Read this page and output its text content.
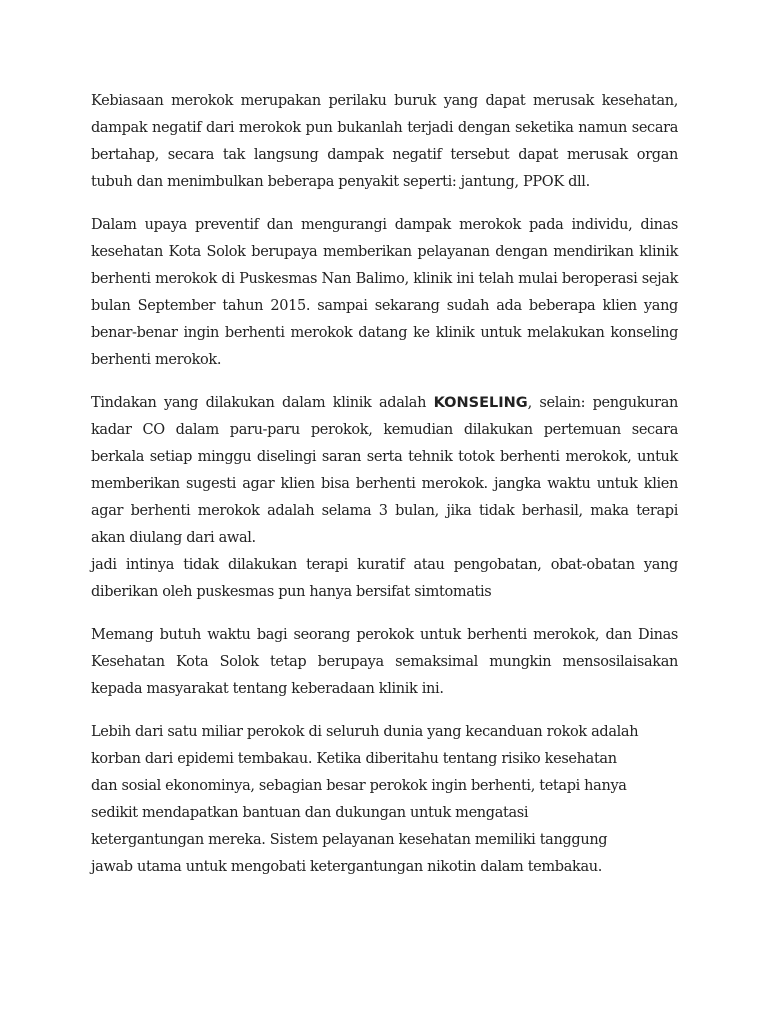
Kebiasaan merokok merupakan perilaku buruk yang dapat merusak kesehatan, dampak negatif dari merokok pun bukanlah terjadi dengan seketika namun secara bertahap, secara tak langsung dampak negatif tersebut dapat merusak organ tubuh dan menimbulkan beberapa penyakit seperti: jantung, PPOK dll.

Dalam upaya preventif dan mengurangi dampak merokok pada individu, dinas kesehatan Kota Solok berupaya memberikan pelayanan dengan mendirikan klinik berhenti merokok di Puskesmas Nan Balimo, klinik ini telah mulai beroperasi sejak bulan September tahun 2015. sampai sekarang sudah ada beberapa klien yang benar-benar ingin berhenti merokok datang ke klinik untuk melakukan konseling berhenti merokok.

Tindakan yang dilakukan dalam klinik adalah KONSELING, selain: pengukuran kadar CO dalam paru-paru perokok, kemudian dilakukan pertemuan secara berkala setiap minggu diselingi saran serta tehnik totok berhenti merokok, untuk memberikan sugesti agar klien bisa berhenti merokok. jangka waktu untuk klien agar berhenti merokok adalah selama 3 bulan, jika tidak berhasil, maka terapi akan diulang dari awal.

jadi intinya tidak dilakukan terapi kuratif atau pengobatan, obat-obatan yang diberikan oleh puskesmas pun hanya bersifat simtomatis

Memang butuh waktu bagi seorang perokok untuk berhenti merokok, dan Dinas Kesehatan Kota Solok tetap berupaya semaksimal mungkin mensosilaisakan kepada masyarakat tentang keberadaan klinik ini.

Lebih dari satu miliar perokok di seluruh dunia yang kecanduan rokok adalah
korban dari epidemi tembakau. Ketika diberitahu tentang risiko kesehatan
dan sosial ekonominya, sebagian besar perokok ingin berhenti, tetapi hanya
sedikit mendapatkan bantuan dan dukungan untuk mengatasi
ketergantungan mereka. Sistem pelayanan kesehatan memiliki tanggung
jawab utama untuk mengobati ketergantungan nikotin dalam tembakau.
